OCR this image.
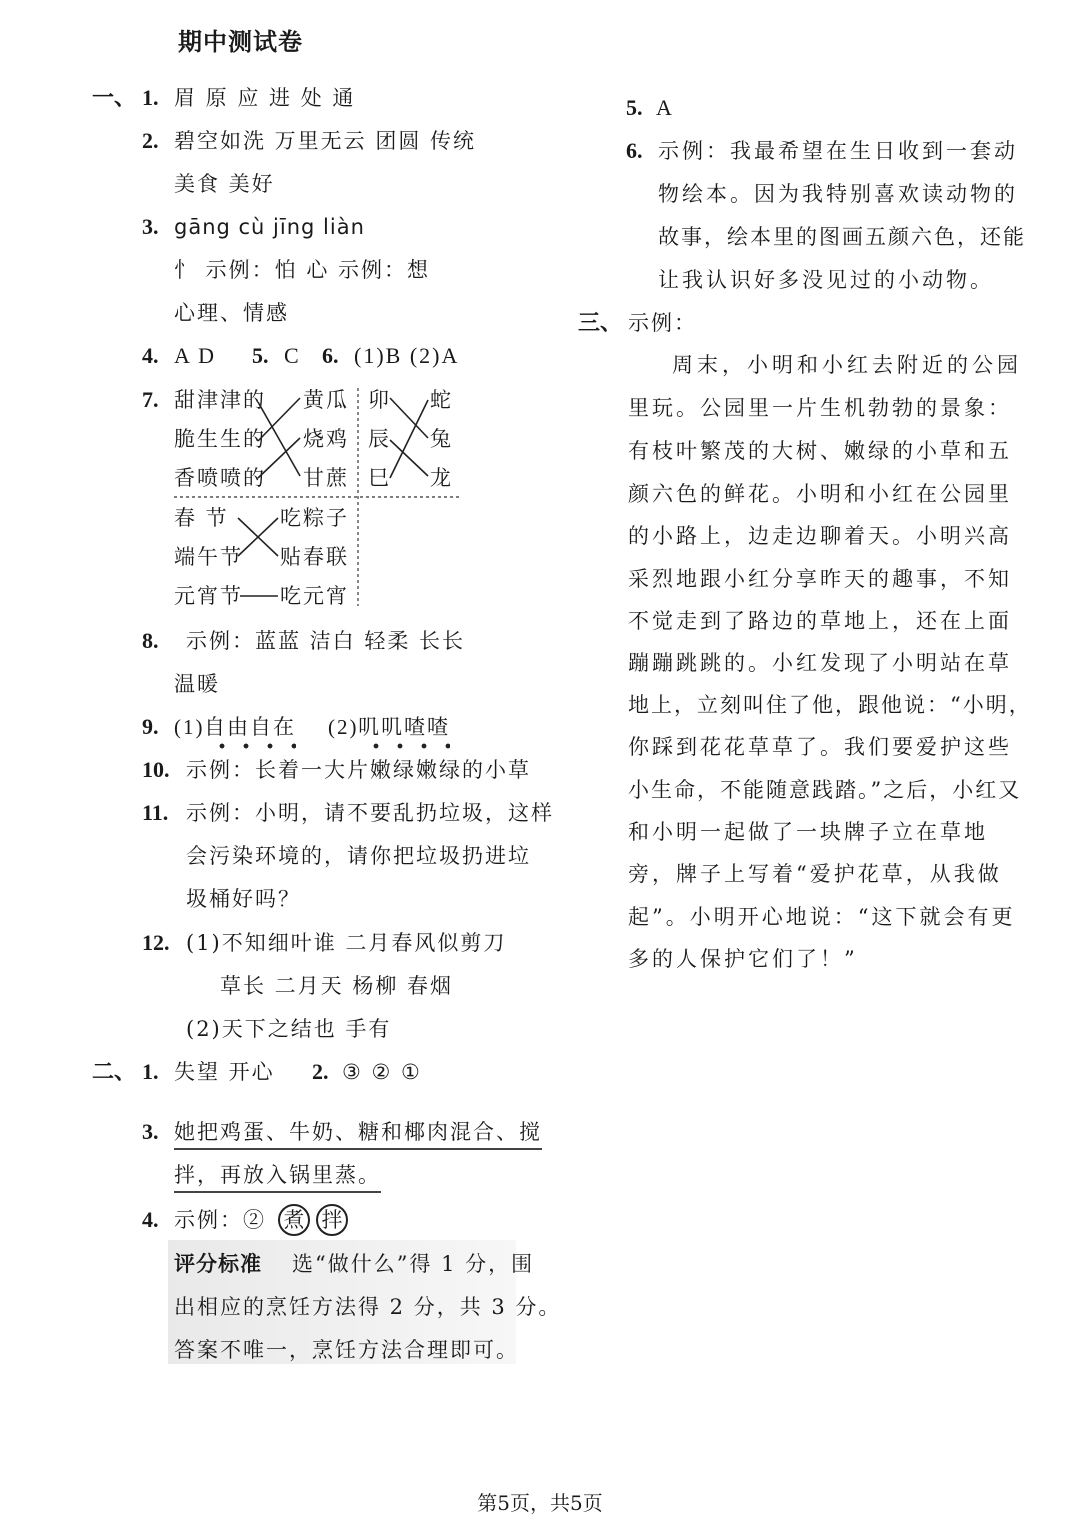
期中测试卷
一、 1. 眉 原 应 进 处 通
2. 碧空如洗 万里无云 团圆 传统
美食 美好
3. gāng cù jīng liàn
忄 示例：怕 心 示例：想
心理、情感
4. A D 5. C 6. (1)B (2)A
7. 甜津津的
脆生生的
香喷喷的
黄瓜
烧鸡
甘蔗
卯
辰
巳
蛇
兔
龙
春 节
端午节
元宵节
吃粽子
贴春联
吃元宵
8. 示例：蓝蓝 洁白 轻柔 长长
温暖
9. (1) 自由自在 (2) 叽叽喳喳
10. 示例：长着一大片嫩绿嫩绿的小草
11. 示例：小明，请不要乱扔垃圾，这样
会污染环境的，请你把垃圾扔进垃
圾桶好吗？
12. (1)不知细叶谁 二月春风似剪刀
草长 二月天 杨柳 春烟
(2)天下之结也 手有
二、 1. 失望 开心 2. ③ ② ①
3. 她把鸡蛋、牛奶、糖和椰肉混合、搅
拌，再放入锅里蒸。
4. 示例：② 煮 拌
评分标准 选“做什么”得 1 分，围
出相应的烹饪方法得 2 分，共 3 分。
答案不唯一，烹饪方法合理即可。
5. A
6. 示例：我最希望在生日收到一套动
物绘本。因为我特别喜欢读动物的
故事，绘本里的图画五颜六色，还能
让我认识好多没见过的小动物。
三、 示例：
周末，小明和小红去附近的公园
里玩。公园里一片生机勃勃的景象：
有枝叶繁茂的大树、嫩绿的小草和五
颜六色的鲜花。小明和小红在公园里
的小路上，边走边聊着天。小明兴高
采烈地跟小红分享昨天的趣事，不知
不觉走到了路边的草地上，还在上面
蹦蹦跳跳的。小红发现了小明站在草
地上，立刻叫住了他，跟他说：“小明，
你踩到花花草草了。我们要爱护这些
小生命，不能随意践踏。”之后，小红又
和小明一起做了一块牌子立在草地
旁，牌子上写着“爱护花草，从我做
起”。小明开心地说：“这下就会有更
多的人保护它们了！”
第5页，共5页
